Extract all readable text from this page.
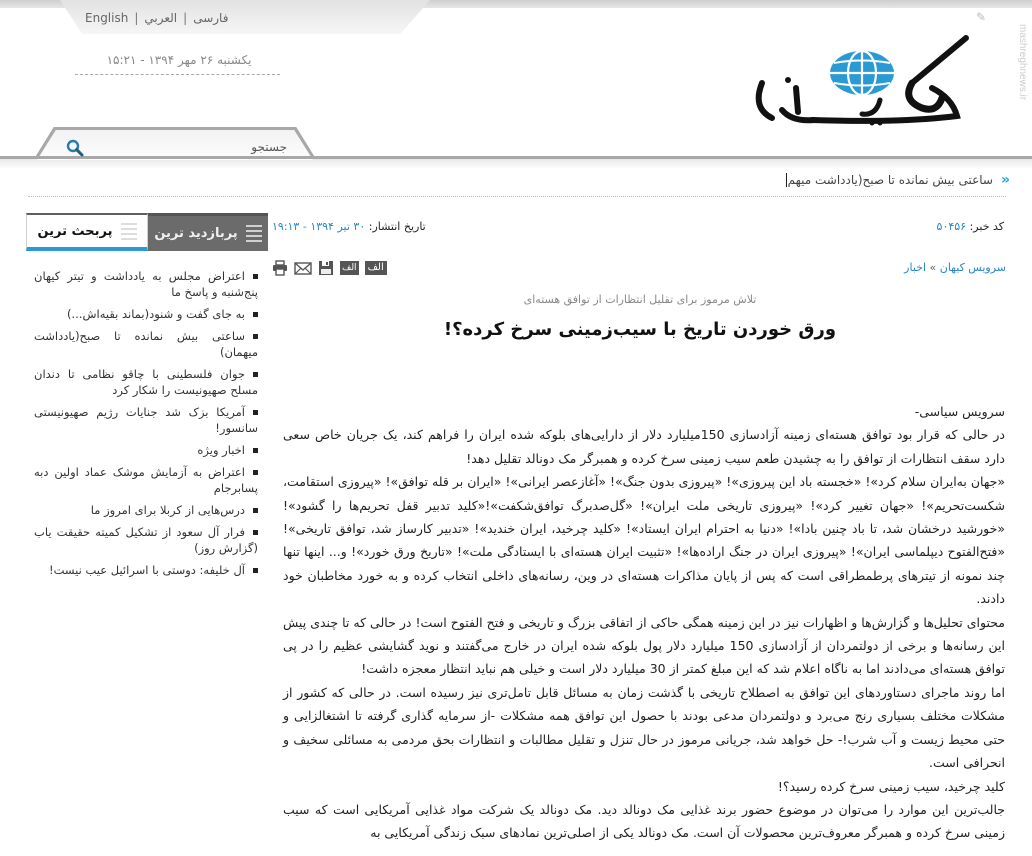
English | العربي | فارسی
یکشنبه ۲۶ مهر ۱۳۹۴ - ۱۵:۲۱
✎
mashreghnews.ir
جستجو
«
ساعتی بیش نمانده تا صبح(یادداشت میهم
پربحث ترین	پربازدید ترین
اعتراض مجلس به یادداشت و تیتر کیهان پنج‌شنبه و پاسخ ما
به جای گفت و شنود(بماند بقیه‌اش...)
ساعتی بیش نمانده تا صبح(یادداشت میهمان)
جوان فلسطینی با چاقو نظامی تا دندان مسلح صهیونیست را شکار کرد
آمریکا بزک شد جنایات رژیم صهیونیستی سانسور!
اخبار ویژه
اعتراض به آزمایش موشک عماد اولین دبه پسابرجام
درس‌هایی از کربلا برای امروز ما
فرار آل سعود از تشکیل کمیته حقیقت یاب (گزارش روز)
آل خلیفه: دوستی با اسرائیل عیب نیست!
تاریخ انتشار: ۳۰ تیر ۱۳۹۴ - ۱۹:۱۳	کد خبر: ۵۰۴۵۶
الف	الف	سرویس کیهان » اخبار
تلاش مرموز برای تقلیل انتظارات از توافق هسته‌ای
ورق خوردن تاریخ با سیب‌زمینی سرخ کرده؟!

سرویس سیاسی-

در حالی که قرار بود توافق هسته‌ای زمینه آزادسازی 150میلیارد دلار از دارایی‌های بلوکه شده ایران را فراهم کند، یک جریان خاص سعی دارد سقف انتظارات از توافق را به چشیدن طعم سیب زمینی سرخ کرده و همبرگر مک دونالد تقلیل دهد!

«جهان به‌ایران سلام کرد»! «خجسته باد این پیروزی»! «پیروزی بدون جنگ»! «آغازعصر ایرانی»! «ایران بر قله توافق»! «پیروزی استقامت، شکست‌تحریم»! «جهان تغییر کرد»! «پیروزی تاریخی ملت ایران»! «گل‌صدبرگ توافق‌شکفت»!«کلید تدبیر قفل تحریم‌ها را گشود»! «خورشید درخشان شد، تا باد چنین بادا»! «دنیا به احترام ایران ایستاد»! «کلید چرخید، ایران خندید»! «تدبیر کارساز شد، توافق تاریخی»! «فتح‌الفتوح دیپلماسی ایران»! «پیروزی ایران در جنگ اراده‌ها»! «تثبیت ایران هسته‌ای با ایستادگی ملت»! «تاریخ ورق خورد»! و... اینها تنها چند نمونه از تیترهای پرطمطراقی است که پس از پایان مذاکرات هسته‌ای در وین، رسانه‌های داخلی انتخاب کرده و به خورد مخاطبان خود دادند.

محتوای تحلیل‌ها و گزارش‌ها و اظهارات نیز در این زمینه همگی حاکی از اتفاقی بزرگ و تاریخی و فتح الفتوح است! در حالی که تا چندی پیش این رسانه‌ها و برخی از دولتمردان از آزادسازی 150 میلیارد دلار پول بلوکه شده ایران در خارج می‌گفتند و نوید گشایشی عظیم را در پی توافق هسته‌ای می‌دادند اما به ناگاه اعلام شد که این مبلغ کمتر از 30 میلیارد دلار است و خیلی هم نباید انتظار معجزه داشت!

اما روند ماجرای دستاوردهای این توافق به اصطلاح تاریخی با گذشت زمان به مسائل قابل تامل‌تری نیز رسیده است. در حالی که کشور از مشکلات مختلف بسیاری رنج می‌برد و دولتمردان مدعی بودند با حصول این توافق همه مشکلات -از سرمایه گذاری گرفته تا اشتغالزایی و حتی محیط زیست و آب شرب!- حل خواهد شد، جریانی مرموز در حال تنزل و تقلیل مطالبات و انتظارات بحق مردمی به مسائلی سخیف و انحرافی است.

کلید چرخید، سیب زمینی سرخ کرده رسید؟!

جالب‌ترین این موارد را می‌توان در موضوع حضور برند غذایی مک دونالد دید. مک دونالد یک شرکت مواد غذایی آمریکایی است که سیب زمینی سرخ کرده و همبرگر معروف‌ترین محصولات آن است. مک دونالد یکی از اصلی‌ترین نمادهای سبک زندگی آمریکایی به
